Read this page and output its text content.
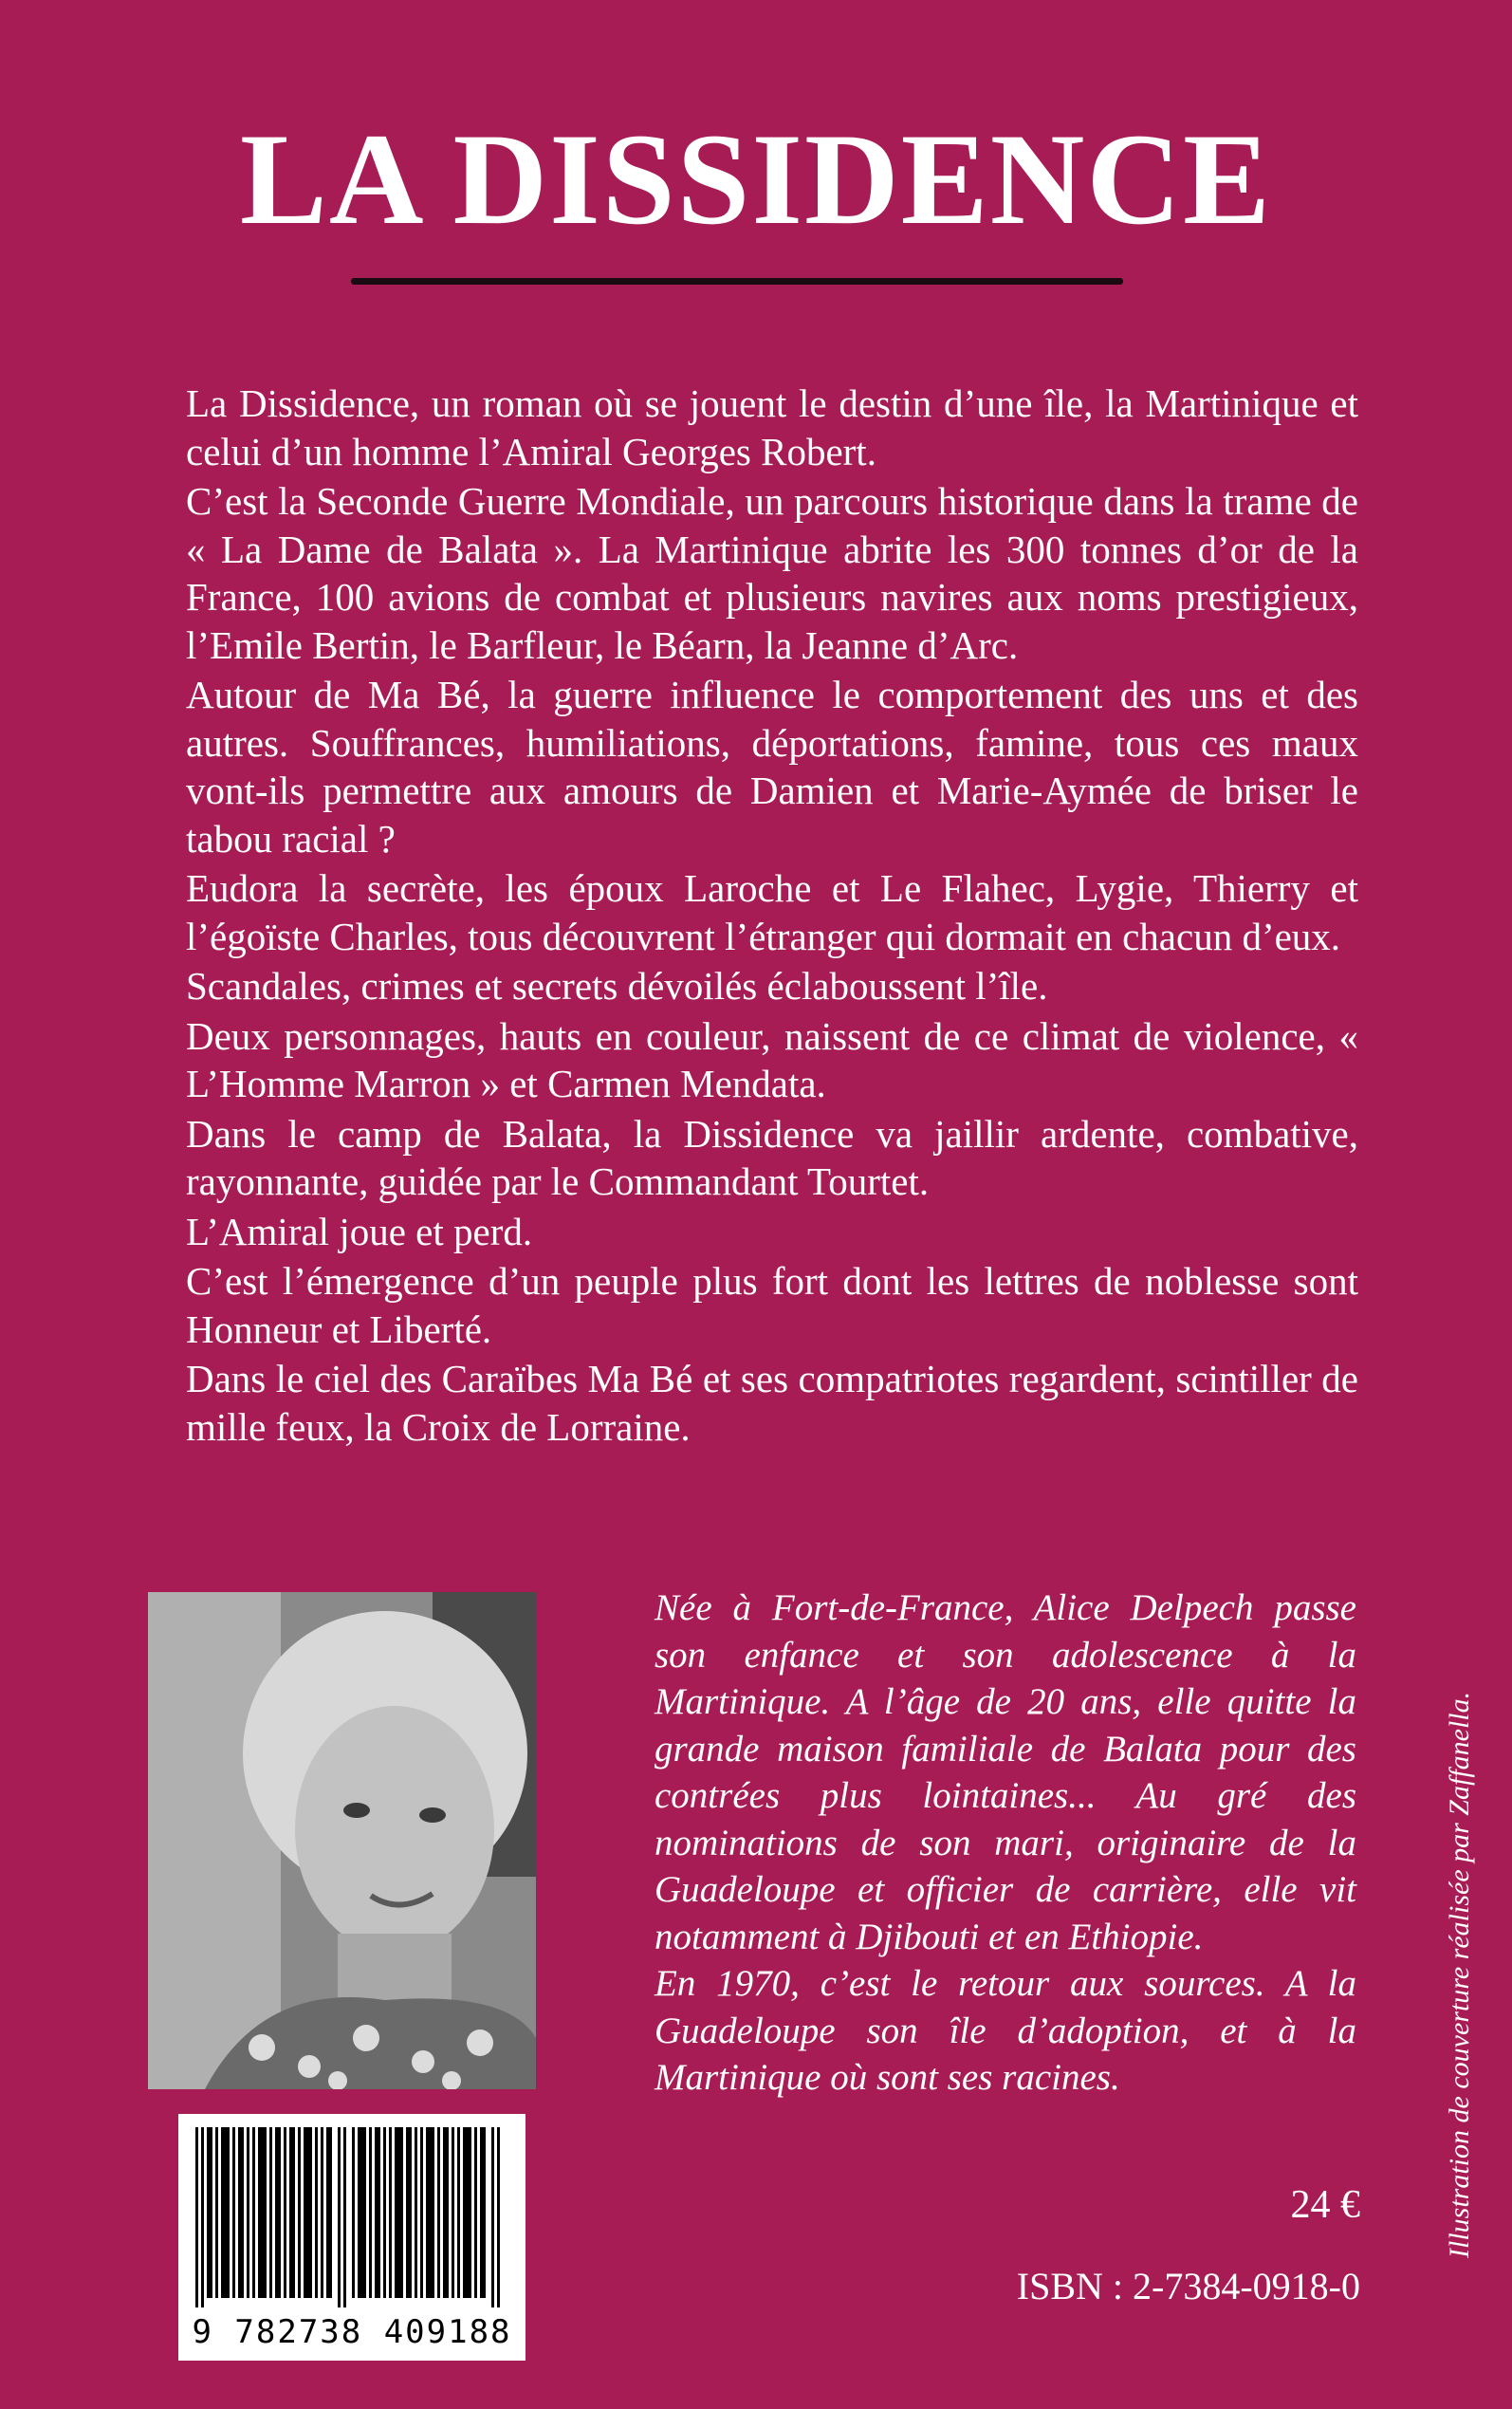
LA DISSIDENCE

La Dissidence, un roman où se jouent le destin d’une île, la Martinique et celui d’un homme l’Amiral Georges Robert.

C’est la Seconde Guerre Mondiale, un parcours historique dans la trame de « La Dame de Balata ». La Martinique abrite les 300 tonnes d’or de la France, 100 avions de combat et plusieurs navires aux noms prestigieux, l’Emile Bertin, le Barfleur, le Béarn, la Jeanne d’Arc.

Autour de Ma Bé, la guerre influence le comportement des uns et des autres. Souffrances, humiliations, déportations, famine, tous ces maux vont-ils permettre aux amours de Damien et Marie-Aymée de briser le tabou racial ?

Eudora la secrète, les époux Laroche et Le Flahec, Lygie, Thierry et l’égoïste Charles, tous découvrent l’étranger qui dormait en chacun d’eux.

Scandales, crimes et secrets dévoilés éclaboussent l’île.

Deux personnages, hauts en couleur, naissent de ce climat de violence, « L’Homme Marron » et Carmen Mendata.

Dans le camp de Balata, la Dissidence va jaillir ardente, combative, rayonnante, guidée par le Commandant Tourtet.

L’Amiral joue et perd.

C’est l’émergence d’un peuple plus fort dont les lettres de noblesse sont Honneur et Liberté.

Dans le ciel des Caraïbes Ma Bé et ses compatriotes regardent, scintiller de mille feux, la Croix de Lorraine.

Née à Fort-de-France, Alice Delpech passe son enfance et son adolescence à la Martinique. A l’âge de 20 ans, elle quitte la grande maison familiale de Balata pour des contrées plus lointaines... Au gré des nominations de son mari, originaire de la Guadeloupe et officier de carrière, elle vit notamment à Djibouti et en Ethiopie.

En 1970, c’est le retour aux sources. A la Guadeloupe son île d’adoption, et à la Martinique où sont ses racines.

9 782738 409188
24 €
ISBN : 2-7384-0918-0
Illustration de couverture réalisée par Zaffanella.
